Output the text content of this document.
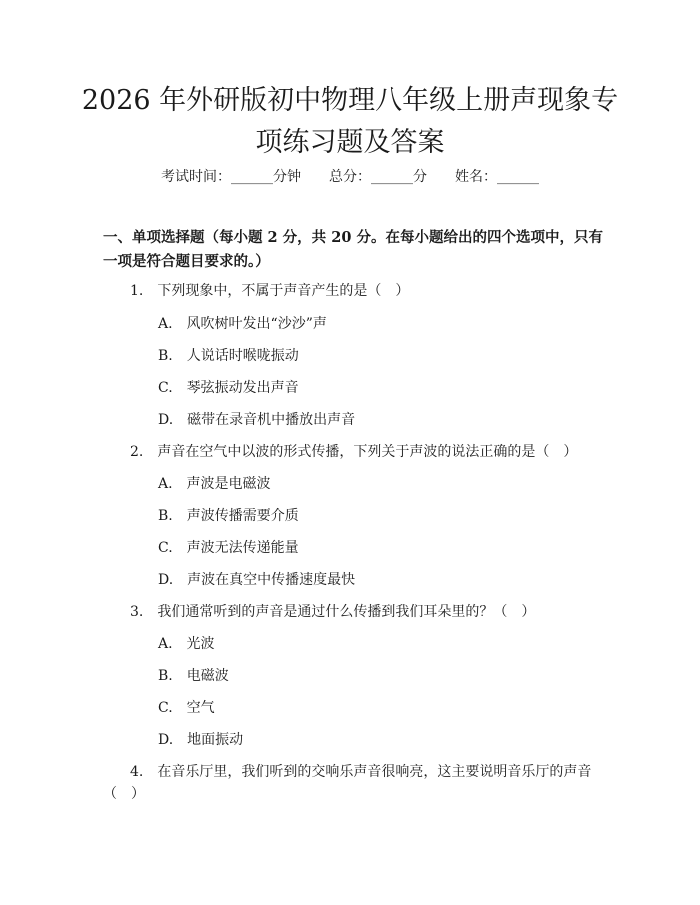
2026 年外研版初中物理八年级上册声现象专
项练习题及答案
考试时间：______分钟　　总分：______分　　姓名：______
一、单项选择题（每小题 2 分，共 20 分。在每小题给出的四个选项中，只有一项是符合题目要求的。）
1.　下列现象中，不属于声音产生的是（　）
A.　风吹树叶发出“沙沙”声
B.　人说话时喉咙振动
C.　琴弦振动发出声音
D.　磁带在录音机中播放出声音
2.　声音在空气中以波的形式传播，下列关于声波的说法正确的是（　）
A.　声波是电磁波
B.　声波传播需要介质
C.　声波无法传递能量
D.　声波在真空中传播速度最快
3.　我们通常听到的声音是通过什么传播到我们耳朵里的？（　）
A.　光波
B.　电磁波
C.　空气
D.　地面振动
4.　在音乐厅里，我们听到的交响乐声音很响亮，这主要说明音乐厅的声音
（　）
